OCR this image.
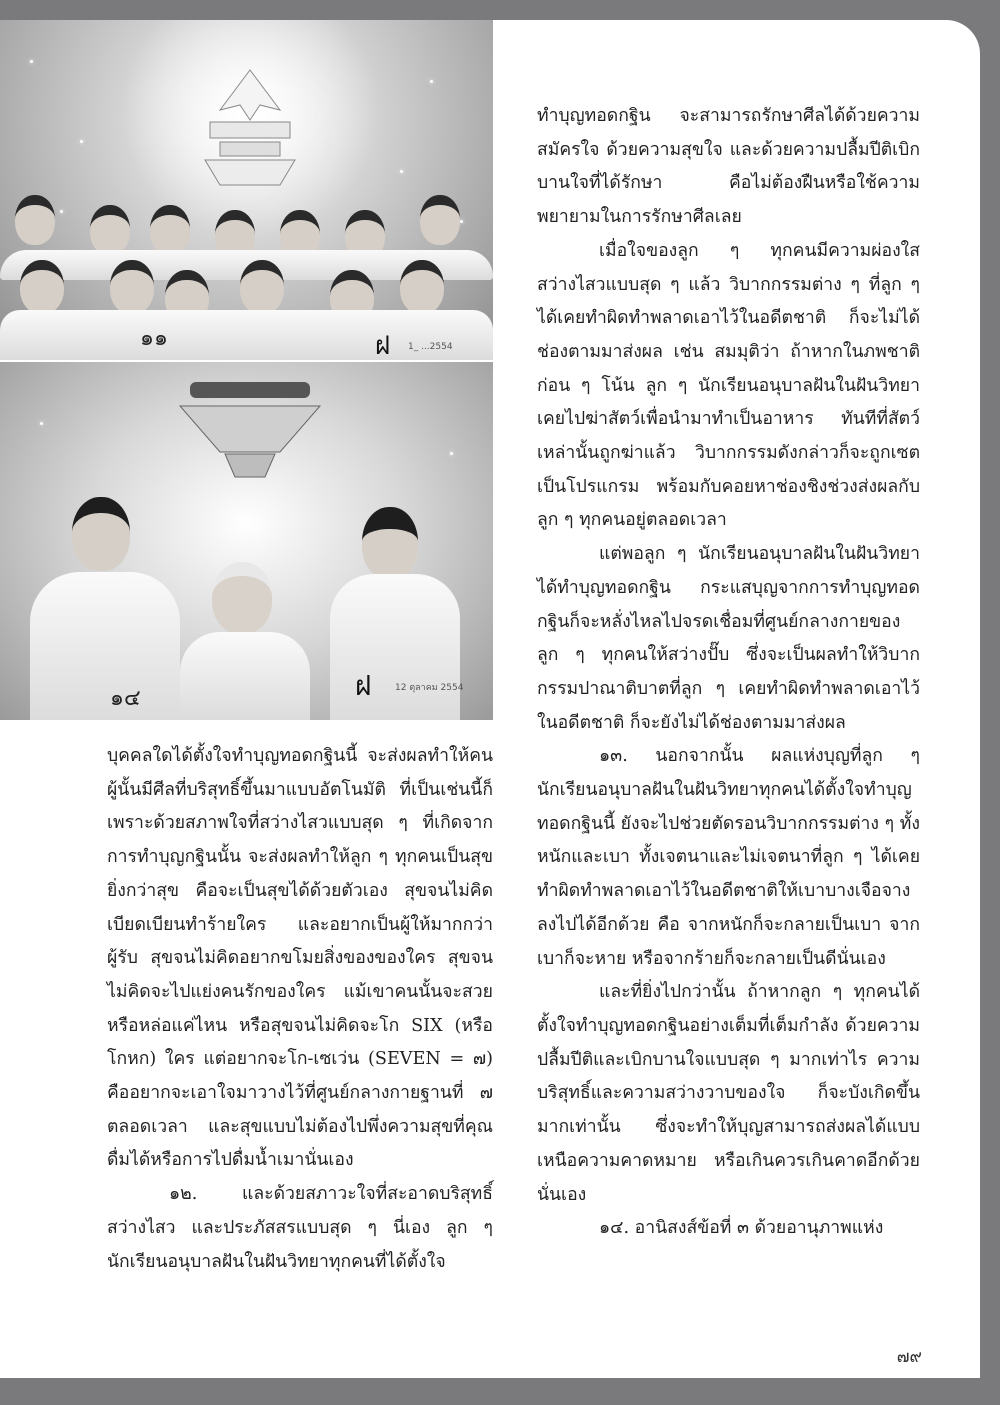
๑๑	ฝ 1_ ...2554
๑๔	ฝ	12 ตุลาคม 2554

ทำบุญทอดกฐิน จะสามารถรักษาศีลได้ด้วยความสมัครใจ ด้วยความสุขใจ และด้วยความปลื้มปีติเบิกบานใจที่ได้รักษา คือไม่ต้องฝืนหรือใช้ความพยายามในการรักษาศีลเลย

เมื่อใจของลูก ๆ ทุกคนมีความผ่องใสสว่างไสวแบบสุด ๆ แล้ว วิบากกรรมต่าง ๆ ที่ลูก ๆ ได้เคยทำผิดทำพลาดเอาไว้ในอดีตชาติ ก็จะไม่ได้ช่องตามมาส่งผล เช่น สมมุติว่า ถ้าหากในภพชาติก่อน ๆ โน้น ลูก ๆ นักเรียนอนุบาลฝันในฝันวิทยาเคยไปฆ่าสัตว์เพื่อนำมาทำเป็นอาหาร ทันทีที่สัตว์เหล่านั้นถูกฆ่าแล้ว วิบากกรรมดังกล่าวก็จะถูกเซตเป็นโปรแกรม พร้อมกับคอยหาช่องชิงช่วงส่งผลกับลูก ๆ ทุกคนอยู่ตลอดเวลา

แต่พอลูก ๆ นักเรียนอนุบาลฝันในฝันวิทยาได้ทำบุญทอดกฐิน กระแสบุญจากการทำบุญทอดกฐินก็จะหลั่งไหลไปจรดเชื่อมที่ศูนย์กลางกายของลูก ๆ ทุกคนให้สว่างปั๊บ ซึ่งจะเป็นผลทำให้วิบากกรรมปาณาติบาตที่ลูก ๆ เคยทำผิดทำพลาดเอาไว้ในอดีตชาติ ก็จะยังไม่ได้ช่องตามมาส่งผล

๑๓. นอกจากนั้น ผลแห่งบุญที่ลูก ๆ นักเรียนอนุบาลฝันในฝันวิทยาทุกคนได้ตั้งใจทำบุญทอดกฐินนี้ ยังจะไปช่วยตัดรอนวิบากกรรมต่าง ๆ ทั้งหนักและเบา ทั้งเจตนาและไม่เจตนาที่ลูก ๆ ได้เคยทำผิดทำพลาดเอาไว้ในอดีตชาติให้เบาบางเจือจางลงไปได้อีกด้วย คือ จากหนักก็จะกลายเป็นเบา จากเบาก็จะหาย หรือจากร้ายก็จะกลายเป็นดีนั่นเอง

และที่ยิ่งไปกว่านั้น ถ้าหากลูก ๆ ทุกคนได้ตั้งใจทำบุญทอดกฐินอย่างเต็มที่เต็มกำลัง ด้วยความปลื้มปีติและเบิกบานใจแบบสุด ๆ มากเท่าไร ความบริสุทธิ์และความสว่างวาบของใจ ก็จะบังเกิดขึ้นมากเท่านั้น ซึ่งจะทำให้บุญสามารถส่งผลได้แบบเหนือความคาดหมาย หรือเกินควรเกินคาดอีกด้วยนั่นเอง

๑๔. อานิสงส์ข้อที่ ๓ ด้วยอานุภาพแห่ง

บุคคลใดได้ตั้งใจทำบุญทอดกฐินนี้ จะส่งผลทำให้คนผู้นั้นมีศีลที่บริสุทธิ์ขึ้นมาแบบอัตโนมัติ ที่เป็นเช่นนี้ก็เพราะด้วยสภาพใจที่สว่างไสวแบบสุด ๆ ที่เกิดจากการทำบุญกฐินนั้น จะส่งผลทำให้ลูก ๆ ทุกคนเป็นสุขยิ่งกว่าสุข คือจะเป็นสุขได้ด้วยตัวเอง สุขจนไม่คิดเบียดเบียนทำร้ายใคร และอยากเป็นผู้ให้มากกว่าผู้รับ สุขจนไม่คิดอยากขโมยสิ่งของของใคร สุขจนไม่คิดจะไปแย่งคนรักของใคร แม้เขาคนนั้นจะสวยหรือหล่อแค่ไหน หรือสุขจนไม่คิดจะโก SIX (หรือโกหก) ใคร แต่อยากจะโก-เซเว่น (SEVEN = ๗) คืออยากจะเอาใจมาวางไว้ที่ศูนย์กลางกายฐานที่ ๗ ตลอดเวลา และสุขแบบไม่ต้องไปพึ่งความสุขที่คุณดื่มได้หรือการไปดื่มน้ำเมานั่นเอง

๑๒. และด้วยสภาวะใจที่สะอาดบริสุทธิ์สว่างไสว และประภัสสรแบบสุด ๆ นี่เอง ลูก ๆ นักเรียนอนุบาลฝันในฝันวิทยาทุกคนที่ได้ตั้งใจ

๗๙
